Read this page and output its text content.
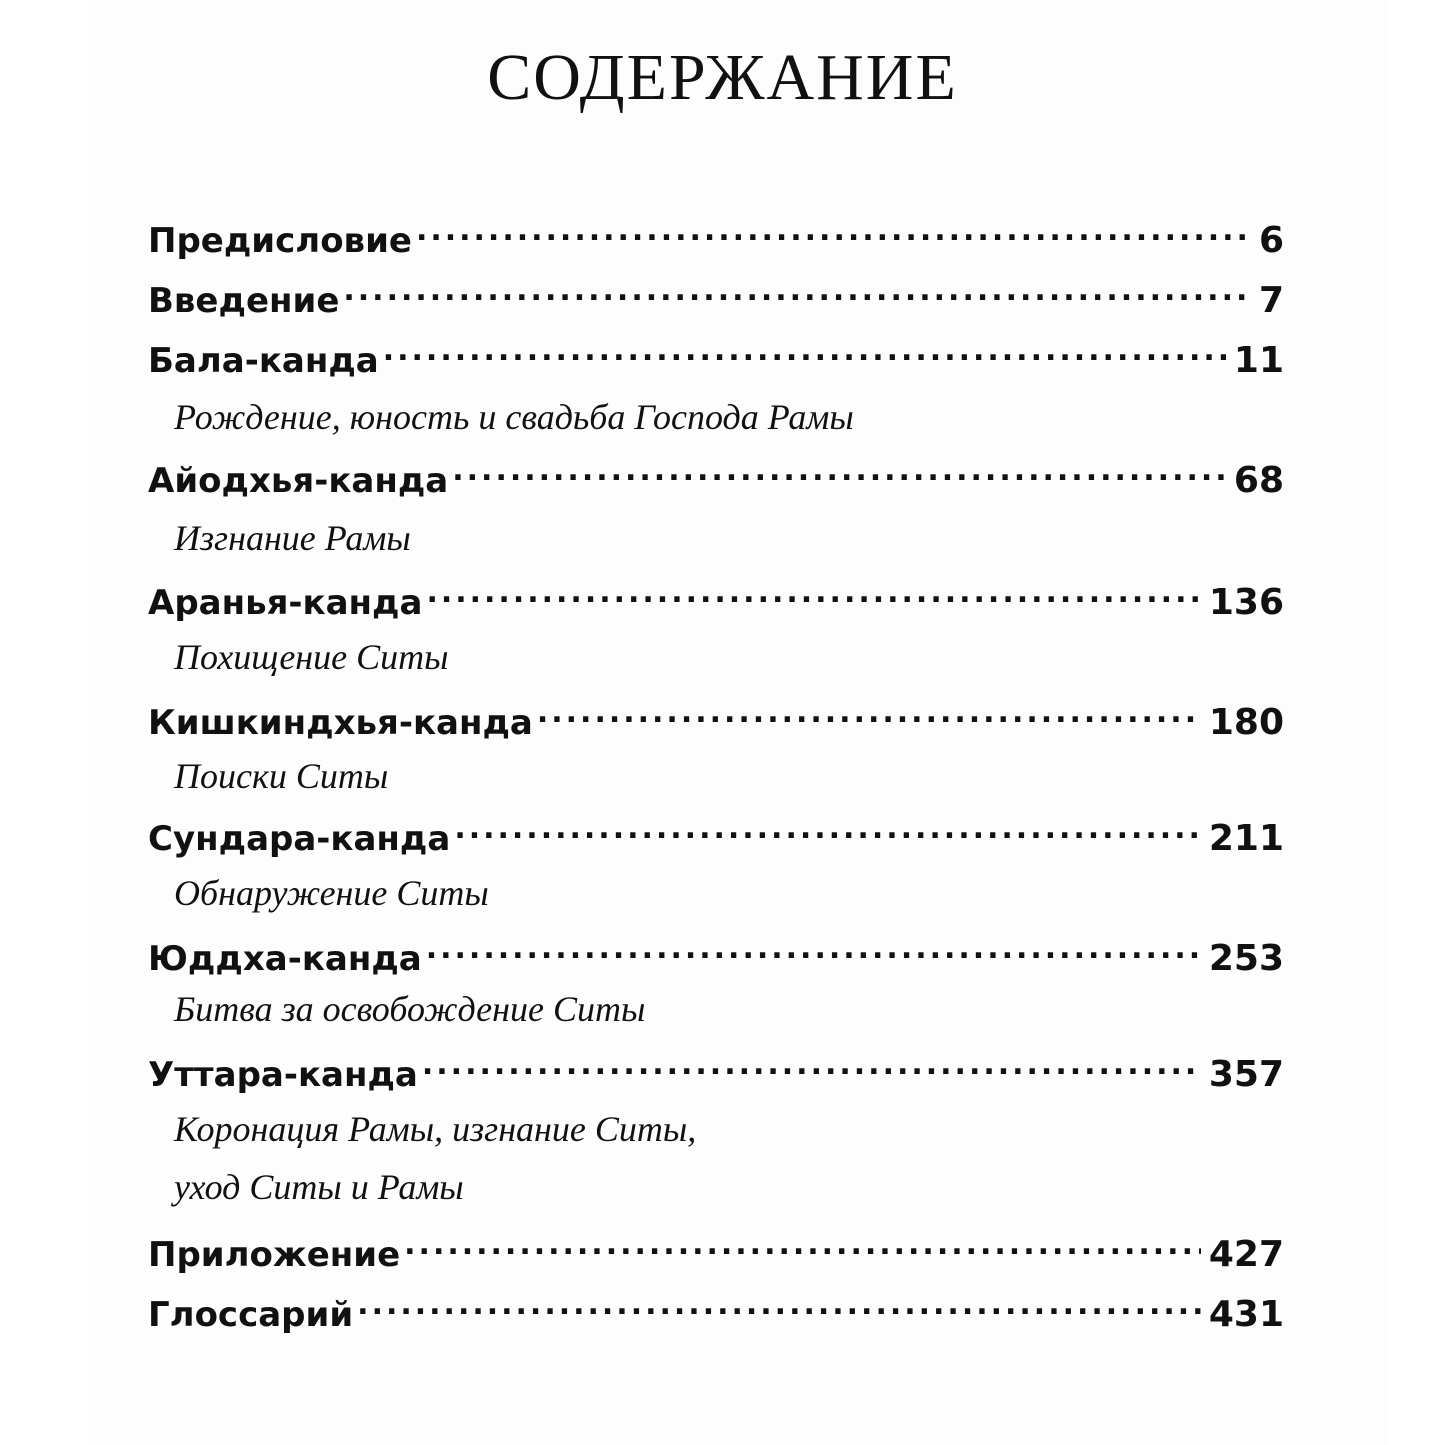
СОДЕРЖАНИЕ
Предисловие .....	6
Введение .....	7
Бала-канда .....	11
Рождение, юность и свадьба Господа Рамы
Айодхья-канда .....	68
Изгнание Рамы
Аранья-канда .....	136
Похищение Ситы
Кишкиндхья-канда .....	180
Поиски Ситы
Сундара-канда .....	211
Обнаружение Ситы
Юддха-канда .....	253
Битва за освобождение Ситы
Уттара-канда .....	357
Коронация Рамы, изгнание Ситы,
уход Ситы и Рамы
Приложение .....	427
Глоссарий .....	431
